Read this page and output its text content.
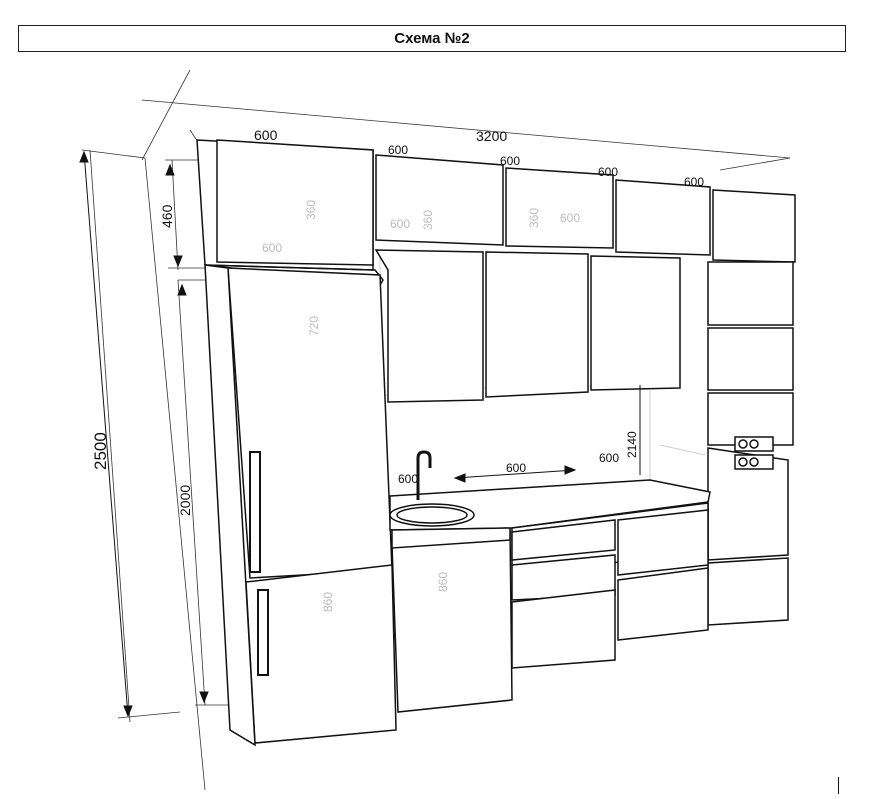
Схема №2
3200
2500
2000
460
600
600
600
600
600
600
600
600 2140
360
600
360
600	360 600
720
860
860
